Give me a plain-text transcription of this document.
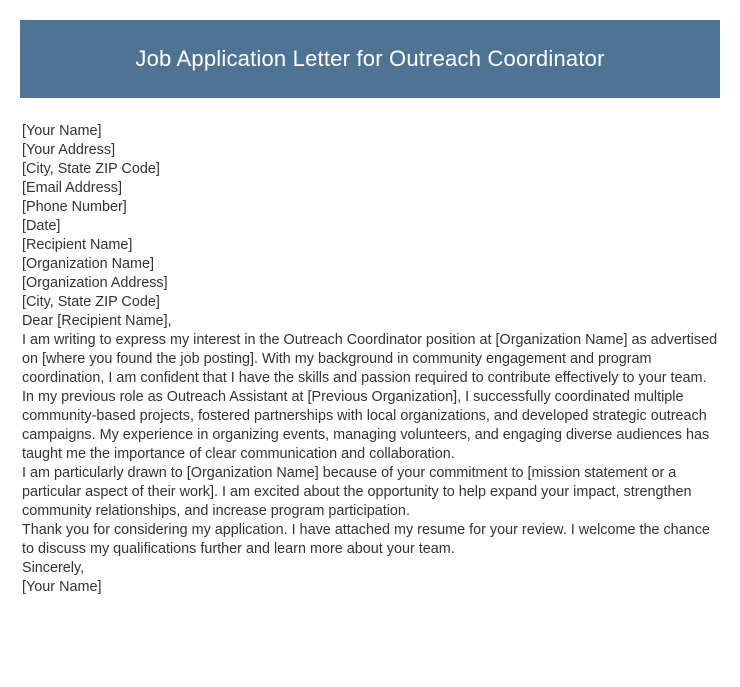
Job Application Letter for Outreach Coordinator
[Your Name]
[Your Address]
[City, State ZIP Code]
[Email Address]
[Phone Number]
[Date]
[Recipient Name]
[Organization Name]
[Organization Address]
[City, State ZIP Code]
Dear [Recipient Name],

I am writing to express my interest in the Outreach Coordinator position at [Organization Name] as advertised on [where you found the job posting]. With my background in community engagement and program coordination, I am confident that I have the skills and passion required to contribute effectively to your team.

In my previous role as Outreach Assistant at [Previous Organization], I successfully coordinated multiple community-based projects, fostered partnerships with local organizations, and developed strategic outreach campaigns. My experience in organizing events, managing volunteers, and engaging diverse audiences has taught me the importance of clear communication and collaboration.

I am particularly drawn to [Organization Name] because of your commitment to [mission statement or a particular aspect of their work]. I am excited about the opportunity to help expand your impact, strengthen community relationships, and increase program participation.

Thank you for considering my application. I have attached my resume for your review. I welcome the chance to discuss my qualifications further and learn more about your team.

Sincerely,
[Your Name]
